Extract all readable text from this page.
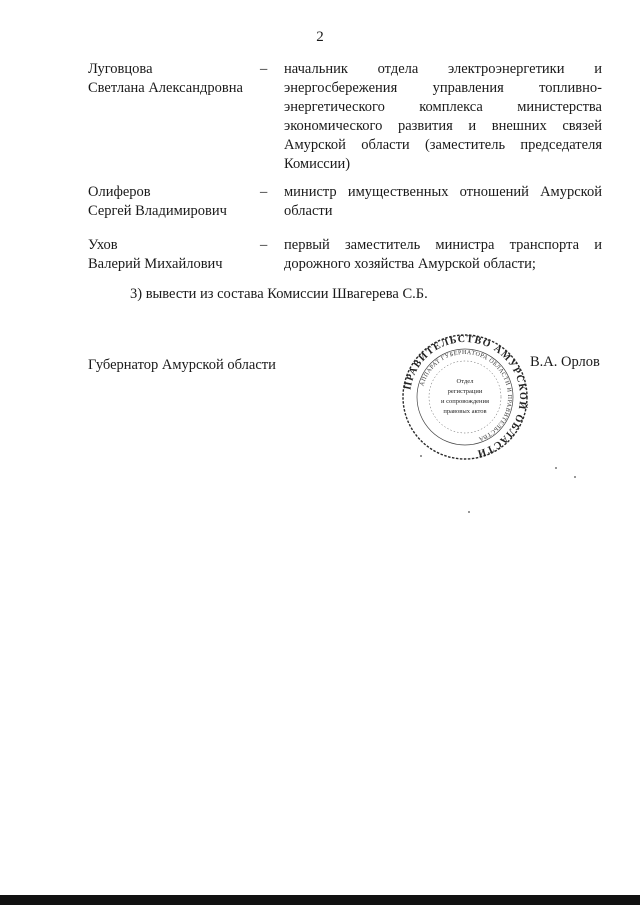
2
Луговцова
Светлана Александровна
– начальник отдела электроэнергетики и энергосбережения управления топливно-энергетического комплекса министерства экономического развития и внешних связей Амурской области (заместитель председателя Комиссии)
Олиферов
Сергей Владимирович
– министр имущественных отношений Амурской области
Ухов
Валерий Михайлович
– первый заместитель министра транспорта и дорожного хозяйства Амурской области;
3) вывести из состава Комиссии Швагерева С.Б.
Губернатор Амурской области	В.А. Орлов
ПРАВИТЕЛЬСТВО АМУРСКОЙ ОБЛАСТИ
АППАРАТ ГУБЕРНАТОРА ОБЛАСТИ И ПРАВИТЕЛЬСТВА
Отдел
регистрации
и сопровождения
правовых актов
